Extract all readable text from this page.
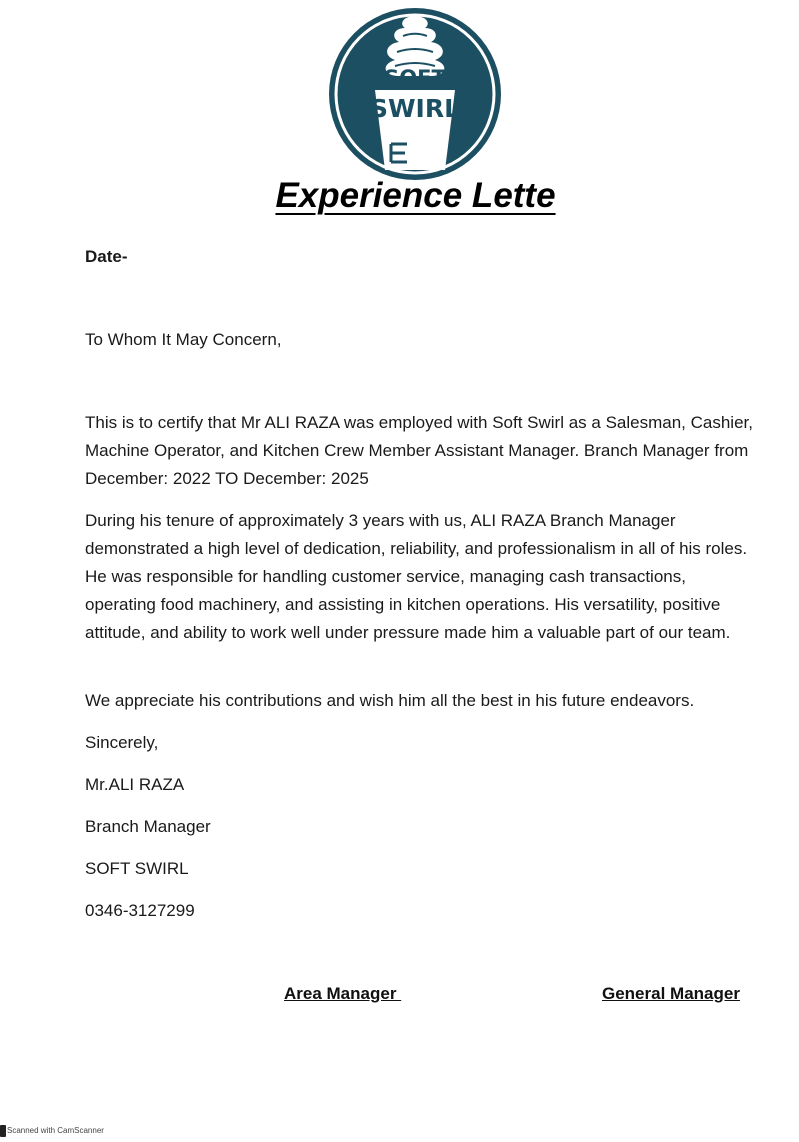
SOFT
SWIRL
Experience Lette
Date-
To Whom It May Concern,
This is to certify that Mr ALI RAZA was employed with Soft Swirl as a Salesman, Cashier, Machine Operator, and Kitchen Crew Member Assistant Manager. Branch Manager from December: 2022 TO December: 2025
During his tenure of approximately 3 years with us, ALI RAZA Branch Manager demonstrated a high level of dedication, reliability, and professionalism in all of his roles. He was responsible for handling customer service, managing cash transactions, operating food machinery, and assisting in kitchen operations. His versatility, positive attitude, and ability to work well under pressure made him a valuable part of our team.
We appreciate his contributions and wish him all the best in his future endeavors.
Sincerely,
Mr.ALI RAZA
Branch Manager
SOFT SWIRL
0346-3127299
Area Manager	General Manager
Scanned with CamScanner
